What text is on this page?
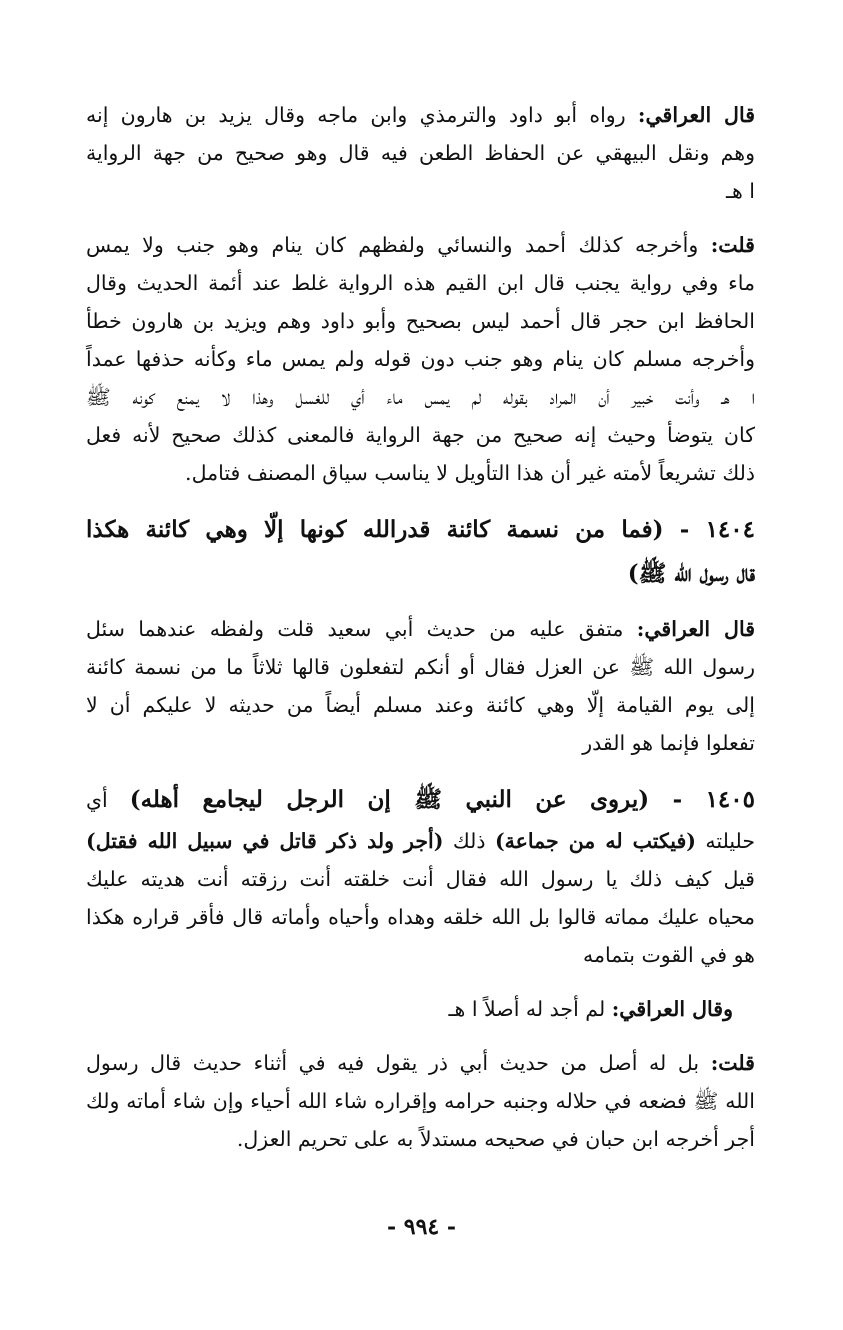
قال العراقي: رواه أبو داود والترمذي وابن ماجه وقال يزيد بن هارون إنه
وهم ونقل البيهقي عن الحفاظ الطعن فيه قال وهو صحيح من جهة الرواية
ا هـ
قلت: وأخرجه كذلك أحمد والنسائي ولفظهم كان ينام وهو جنب ولا يمس
ماء وفي رواية يجنب قال ابن القيم هذه الرواية غلط عند أئمة الحديث وقال
الحافظ ابن حجر قال أحمد ليس بصحيح وأبو داود وهم ويزيد بن هارون خطأ
وأخرجه مسلم كان ينام وهو جنب دون قوله ولم يمس ماء وكأنه حذفها عمداً
ا هـ وأنت خبير أن المراد بقوله لم يمس ماء أي للغسل وهذا لا يمنع كونه ﷺ
كان يتوضأ وحيث إنه صحيح من جهة الرواية فالمعنى كذلك صحيح لأنه فعل
ذلك تشريعاً لأمته غير أن هذا التأويل لا يناسب سياق المصنف فتامل.
١٤٠٤ - (فما من نسمة كائنة قدرالله كونها إلّا وهي كائنة هكذا
قال رسول الله ﷺ)
قال العراقي: متفق عليه من حديث أبي سعيد قلت ولفظه عندهما سئل
رسول الله ﷺ عن العزل فقال أو أنكم لتفعلون قالها ثلاثاً ما من نسمة كائنة
إلى يوم القيامة إلّا وهي كائنة وعند مسلم أيضاً من حديثه لا عليكم أن لا
تفعلوا فإنما هو القدر
١٤٠٥ - (يروى عن النبي ﷺ إن الرجل ليجامع أهله) أي
حليلته (فيكتب له من جماعة) ذلك (أجر ولد ذكر قاتل في سبيل الله فقتل)
قيل كيف ذلك يا رسول الله فقال أنت خلقته أنت رزقته أنت هديته عليك
محياه عليك مماته قالوا بل الله خلقه وهداه وأحياه وأماته قال فأقر قراره هكذا
هو في القوت بتمامه
وقال العراقي: لم أجد له أصلاً ا هـ
قلت: بل له أصل من حديث أبي ذر يقول فيه في أثناء حديث قال رسول
الله ﷺ فضعه في حلاله وجنبه حرامه وإقراره شاء الله أحياء وإن شاء أماته ولك
أجر أخرجه ابن حبان في صحيحه مستدلاً به على تحريم العزل.
- ٩٩٤ -
